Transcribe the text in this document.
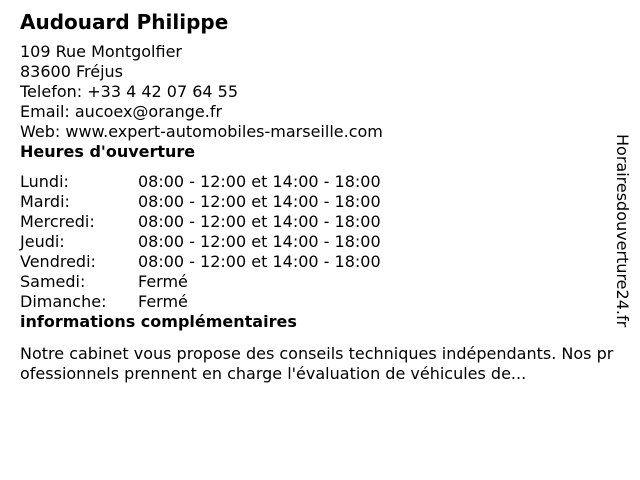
Audouard Philippe
109 Rue Montgolfier
83600 Fréjus
Telefon: +33 4 42 07 64 55
Email: aucoex@orange.fr
Web: www.expert-automobiles-marseille.com
Heures d'ouverture
Lundi:	08:00 - 12:00 et 14:00 - 18:00
Mardi:	08:00 - 12:00 et 14:00 - 18:00
Mercredi:	08:00 - 12:00 et 14:00 - 18:00
Jeudi:	08:00 - 12:00 et 14:00 - 18:00
Vendredi:	08:00 - 12:00 et 14:00 - 18:00
Samedi:	Fermé
Dimanche:	Fermé
informations complémentaires
Notre cabinet vous propose des conseils techniques indépendants. Nos professionnels prennent en charge l'évaluation de véhicules de...
Horairesdouverture24.fr
